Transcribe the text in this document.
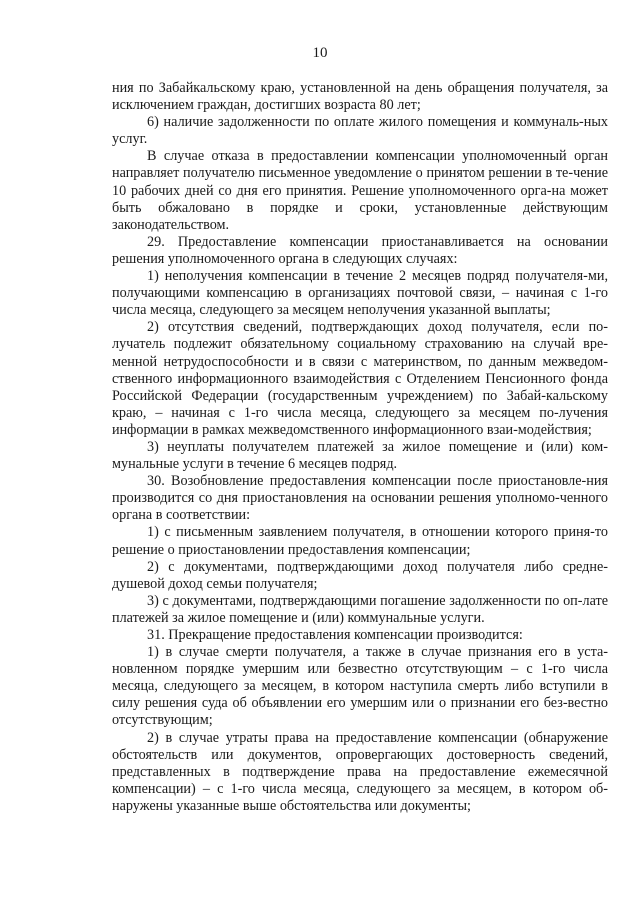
10

ния по Забайкальскому краю, установленной на день обращения получателя, за исключением граждан, достигших возраста 80 лет;

6) наличие задолженности по оплате жилого помещения и коммуналь-ных услуг.

В случае отказа в предоставлении компенсации уполномоченный орган направляет получателю письменное уведомление о принятом решении в те-чение 10 рабочих дней со дня его принятия. Решение уполномоченного орга-на может быть обжаловано в порядке и сроки, установленные действующим законодательством.

29. Предоставление компенсации приостанавливается на основании решения уполномоченного органа в следующих случаях:

1) неполучения компенсации в течение 2 месяцев подряд получателя-ми, получающими компенсацию в организациях почтовой связи, – начиная с 1-го числа месяца, следующего за месяцем неполучения указанной выплаты;

2) отсутствия сведений, подтверждающих доход получателя, если по-лучатель подлежит обязательному социальному страхованию на случай вре-менной нетрудоспособности и в связи с материнством, по данным межведом-ственного информационного взаимодействия с Отделением Пенсионного фонда Российской Федерации (государственным учреждением) по Забай-кальскому краю, – начиная с 1-го числа месяца, следующего за месяцем по-лучения информации в рамках межведомственного информационного взаи-модействия;

3) неуплаты получателем платежей за жилое помещение и (или) ком-мунальные услуги в течение 6 месяцев подряд.

30. Возобновление предоставления компенсации после приостановле-ния производится со дня приостановления на основании решения уполномо-ченного органа в соответствии:

1) с письменным заявлением получателя, в отношении которого приня-то решение о приостановлении предоставления компенсации;

2) с документами, подтверждающими доход получателя либо средне-душевой доход семьи получателя;

3) с документами, подтверждающими погашение задолженности по оп-лате платежей за жилое помещение и (или) коммунальные услуги.

31. Прекращение предоставления компенсации производится:

1) в случае смерти получателя, а также в случае признания его в уста-новленном порядке умершим или безвестно отсутствующим – с 1-го числа месяца, следующего за месяцем, в котором наступила смерть либо вступили в силу решения суда об объявлении его умершим или о признании его без-вестно отсутствующим;

2) в случае утраты права на предоставление компенсации (обнаружение обстоятельств или документов, опровергающих достоверность сведений, представленных в подтверждение права на предоставление ежемесячной компенсации) – с 1-го числа месяца, следующего за месяцем, в котором об-наружены указанные выше обстоятельства или документы;
